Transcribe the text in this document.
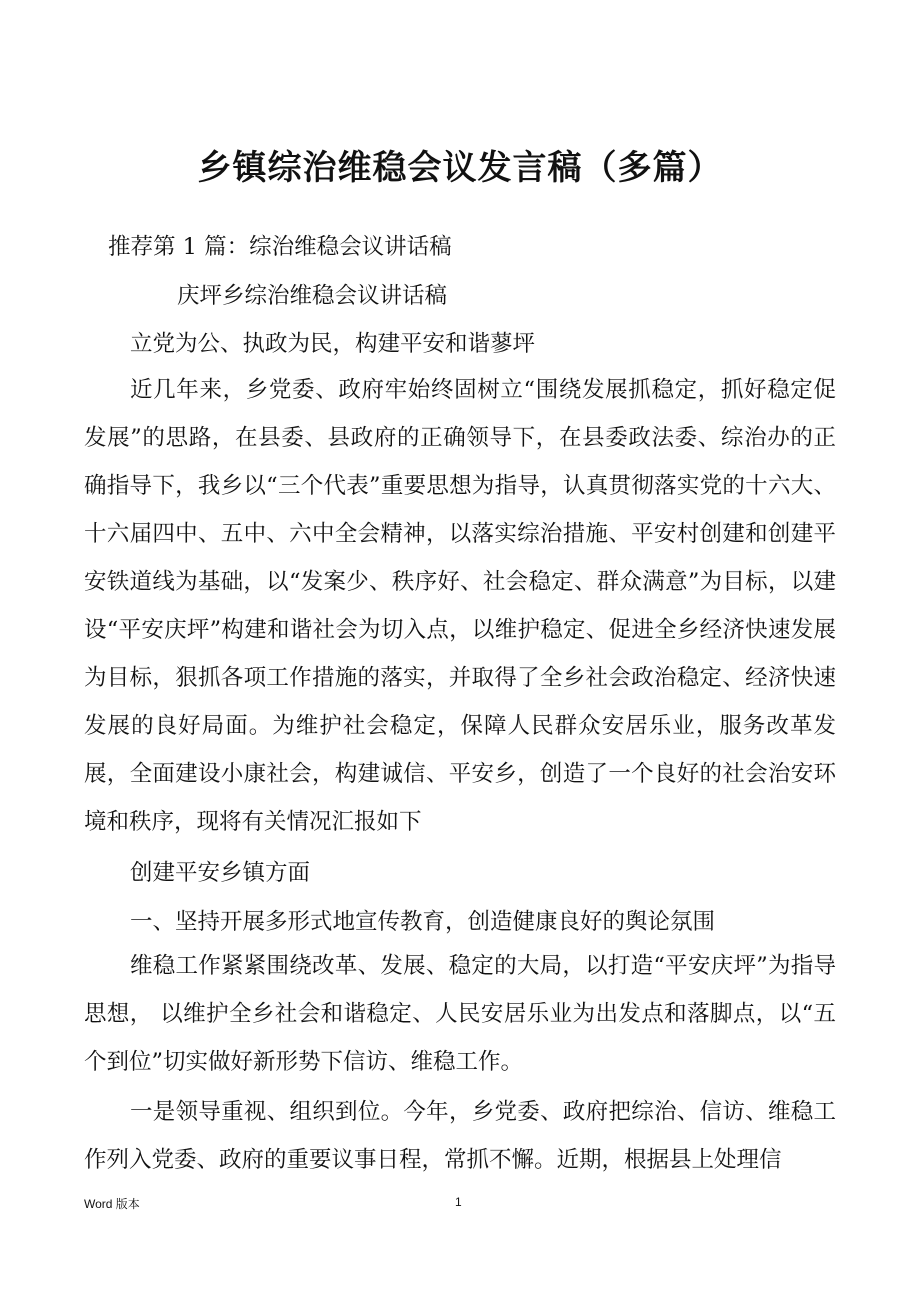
乡镇综治维稳会议发言稿（多篇）

推荐第 1 篇：综治维稳会议讲话稿

庆坪乡综治维稳会议讲话稿

立党为公、执政为民，构建平安和谐蓼坪

近几年来，乡党委、政府牢始终固树立“围绕发展抓稳定，抓好稳定促发展”的思路，在县委、县政府的正确领导下，在县委政法委、综治办的正确指导下，我乡以“三个代表”重要思想为指导，认真贯彻落实党的十六大、十六届四中、五中、六中全会精神，以落实综治措施、平安村创建和创建平安铁道线为基础，以“发案少、秩序好、社会稳定、群众满意”为目标，以建设“平安庆坪”构建和谐社会为切入点，以维护稳定、促进全乡经济快速发展为目标，狠抓各项工作措施的落实，并取得了全乡社会政治稳定、经济快速发展的良好局面。为维护社会稳定，保障人民群众安居乐业，服务改革发展，全面建设小康社会，构建诚信、平安乡，创造了一个良好的社会治安环境和秩序，现将有关情况汇报如下

创建平安乡镇方面

一、坚持开展多形式地宣传教育，创造健康良好的舆论氛围

维稳工作紧紧围绕改革、发展、稳定的大局，以打造“平安庆坪”为指导思想， 以维护全乡社会和谐稳定、人民安居乐业为出发点和落脚点，以“五个到位”切实做好新形势下信访、维稳工作。

一是领导重视、组织到位。今年，乡党委、政府把综治、信访、维稳工作列入党委、政府的重要议事日程，常抓不懈。近期，根据县上处理信

Word 版本	1
